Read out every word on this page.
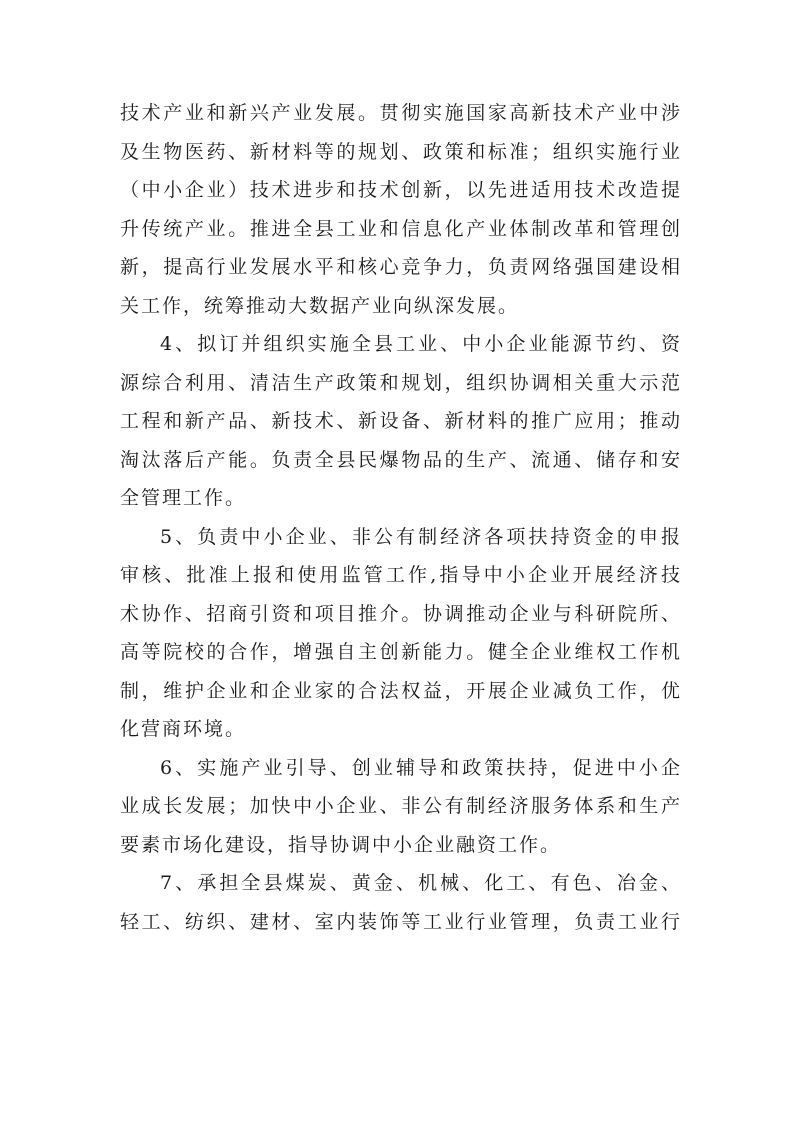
技术产业和新兴产业发展。贯彻实施国家高新技术产业中涉
及生物医药、新材料等的规划、政策和标准；组织实施行业
（中小企业）技术进步和技术创新，以先进适用技术改造提
升传统产业。推进全县工业和信息化产业体制改革和管理创
新，提高行业发展水平和核心竞争力，负责网络强国建设相
关工作，统筹推动大数据产业向纵深发展。
4、拟订并组织实施全县工业、中小企业能源节约、资
源综合利用、清洁生产政策和规划，组织协调相关重大示范
工程和新产品、新技术、新设备、新材料的推广应用；推动
淘汰落后产能。负责全县民爆物品的生产、流通、储存和安
全管理工作。
5、负责中小企业、非公有制经济各项扶持资金的申报
审核、批准上报和使用监管工作,指导中小企业开展经济技
术协作、招商引资和项目推介。协调推动企业与科研院所、
高等院校的合作，增强自主创新能力。健全企业维权工作机
制，维护企业和企业家的合法权益，开展企业减负工作，优
化营商环境。
6、实施产业引导、创业辅导和政策扶持，促进中小企
业成长发展；加快中小企业、非公有制经济服务体系和生产
要素市场化建设，指导协调中小企业融资工作。
7、承担全县煤炭、黄金、机械、化工、有色、冶金、
轻工、纺织、建材、室内装饰等工业行业管理，负责工业行
